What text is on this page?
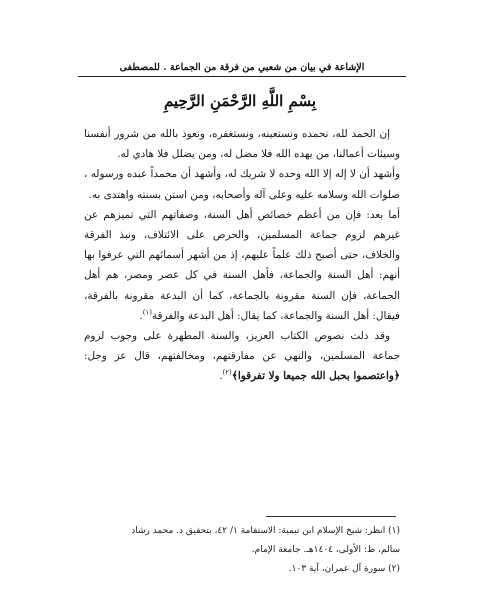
الإشاعة في بيان من شعبي من فرقة من الجماعة . للمصطفى
بِسْمِ اللَّهِ الرَّحْمَنِ الرَّحِيمِ

إن الحمد لله، نحمده ونستعينه، ونستغفره، ونعوذ بالله من شرور أنفسنا وسيئات أعمالنا، من يهده الله فلا مضل له، ومن يضلل فلا هادي له.

وأشهد أن لا إله إلا الله وحده لا شريك له، وأشهد أن محمداً عبده ورسوله ، صلوات الله وسلامه عليه وعلى آله وأصحابه، ومن استن بسنته واهتدى به.

أما بعد: فإن من أعظم خصائص أهل السنة، وصفاتهم التي تميزهم عن غيرهم لزوم جماعة المسلمين، والحرص على الائتلاف، ونبذ الفرقة والخلاف، حتى أصبح ذلك علماً عليهم، إذ من أشهر أسمائهم التي عرفوا بها أنهم: أهل السنة والجماعة، فأهل السنة في كل عصر ومصر، هم أهل الجماعة، فإن السنة مقرونة بالجماعة، كما أن البدعة مقرونة بالفرقة، فيقال: أهل السنة والجماعة، كما يقال: أهل البدعة والفرقة$^{(١)}$.

وقد دلت نصوص الكتاب العزيز، والسنة المطهرة على وجوب لزوم جماعة المسلمين، والنهي عن مفارقتهم، ومخالفتهم، قال عز وجل: ﴿واعتصموا بحبل الله جميعا ولا تفرقوا﴾$^{(٢)}$.

(١) انظر: شيخ الإسلام ابن تيمية: الاستقامة ١/ ٤٢، بتحقيق د. محمد رشاد
سالم، ط: الأولى، ١٤٠٤هـ. جامعة الإمام.
(٢) سورة آل عمران، آية ١٠٣.
